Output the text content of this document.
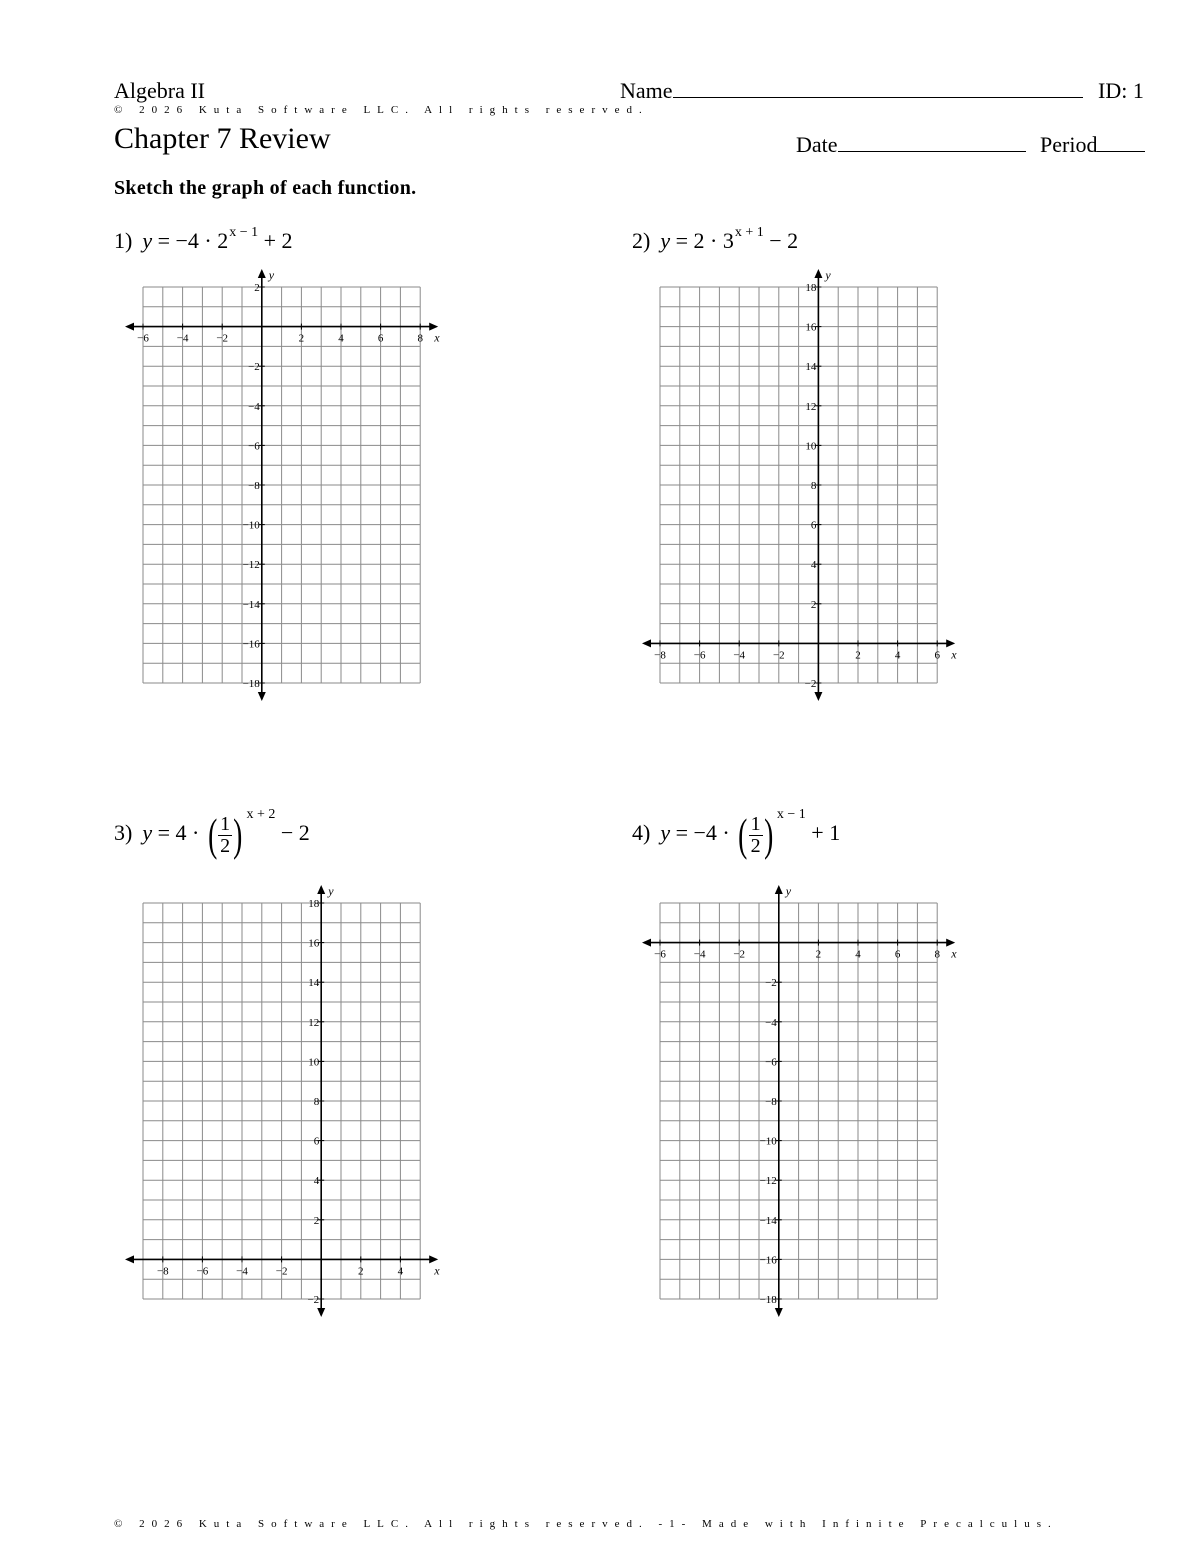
Algebra II	Name	ID: 1
© 2026 Kuta Software LLC. All rights reserved.
Chapter 7 Review	Date	Period
Sketch the graph of each function.
1) $y = -4 \cdot 2^{x - 1} + 2$	2) $y = 2 \cdot 3^{x + 1} - 2$
3) y = 4 · ( $\frac{1}{2}$ ) $^{x + 2}$ − 2	4) y = −4 · ( $\frac{1}{2}$ ) $^{x - 1}$ + 1
x
y
−6	−4	−2	2	4	6	8
2
−2
−4
−6
−8
−10
−12
−14
−16
−18
x
y
−8	−6	−4	−2	2	4	6
18
16
14
12
10
8
6
4
2
−2
x
y
−8	−6	−4	−2	2	4
18
16
14
12
10
8
6
4
2
−2
x
y
−6	−4	−2	2	4	6	8
−2
−4
−6
−8
−10
−12
−14
−16
−18
© 2026 Kuta Software LLC. All rights reserved. -1- Made with Infinite Precalculus.
